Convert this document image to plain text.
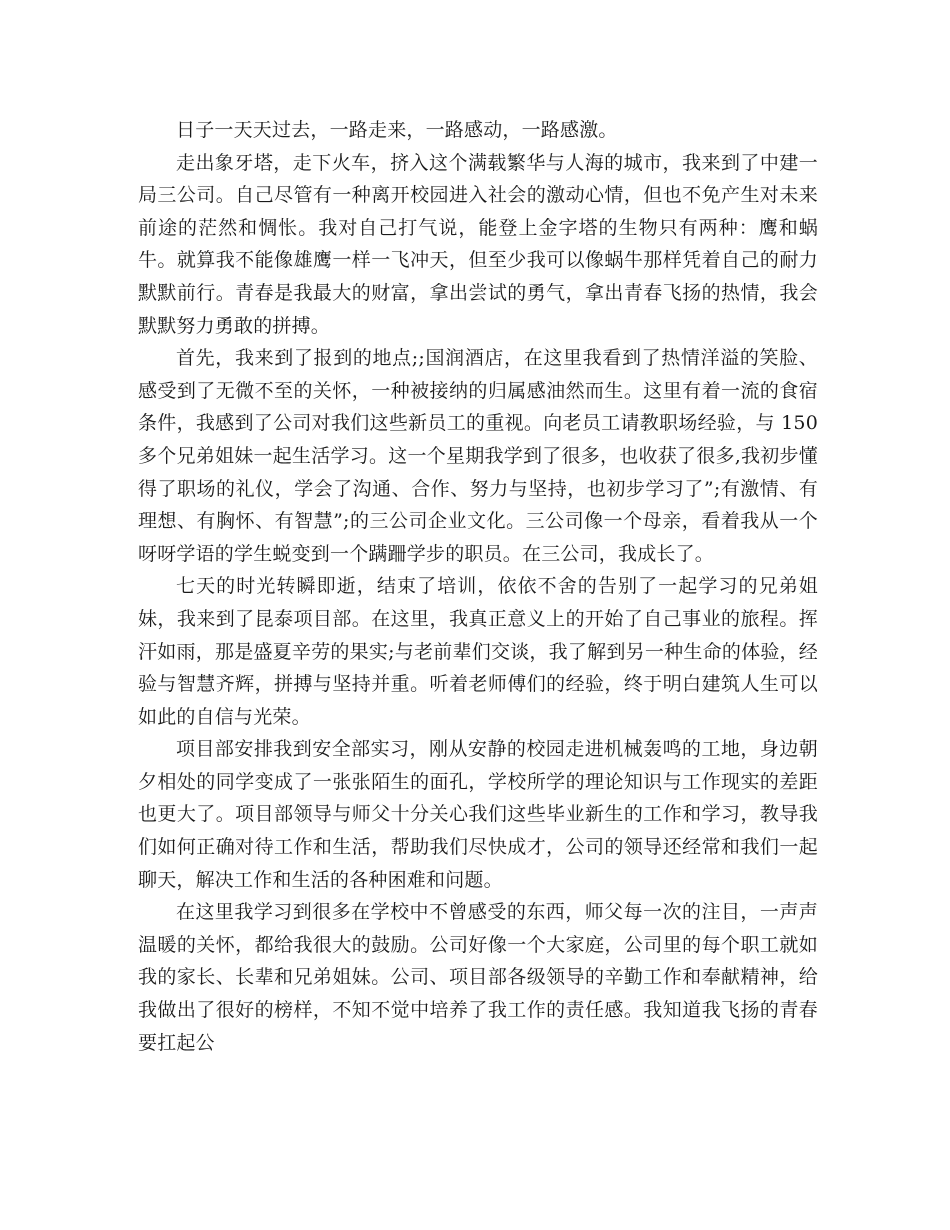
日子一天天过去，一路走来，一路感动，一路感激。

走出象牙塔，走下火车，挤入这个满载繁华与人海的城市，我来到了中建一局三公司。自己尽管有一种离开校园进入社会的激动心情，但也不免产生对未来前途的茫然和惆怅。我对自己打气说，能登上金字塔的生物只有两种：鹰和蜗牛。就算我不能像雄鹰一样一飞冲天，但至少我可以像蜗牛那样凭着自己的耐力默默前行。青春是我最大的财富，拿出尝试的勇气，拿出青春飞扬的热情，我会默默努力勇敢的拼搏。

首先，我来到了报到的地点;;国润酒店，在这里我看到了热情洋溢的笑脸、感受到了无微不至的关怀，一种被接纳的归属感油然而生。这里有着一流的食宿条件，我感到了公司对我们这些新员工的重视。向老员工请教职场经验，与 150 多个兄弟姐妹一起生活学习。这一个星期我学到了很多，也收获了很多,我初步懂得了职场的礼仪，学会了沟通、合作、努力与坚持，也初步学习了”;有激情、有理想、有胸怀、有智慧”;的三公司企业文化。三公司像一个母亲，看着我从一个呀呀学语的学生蜕变到一个蹒跚学步的职员。在三公司，我成长了。

七天的时光转瞬即逝，结束了培训，依依不舍的告别了一起学习的兄弟姐妹，我来到了昆泰项目部。在这里，我真正意义上的开始了自己事业的旅程。挥汗如雨，那是盛夏辛劳的果实;与老前辈们交谈，我了解到另一种生命的体验，经验与智慧齐辉，拼搏与坚持并重。听着老师傅们的经验，终于明白建筑人生可以如此的自信与光荣。

项目部安排我到安全部实习，刚从安静的校园走进机械轰鸣的工地，身边朝夕相处的同学变成了一张张陌生的面孔，学校所学的理论知识与工作现实的差距也更大了。项目部领导与师父十分关心我们这些毕业新生的工作和学习，教导我们如何正确对待工作和生活，帮助我们尽快成才，公司的领导还经常和我们一起聊天，解决工作和生活的各种困难和问题。

在这里我学习到很多在学校中不曾感受的东西，师父每一次的注目，一声声温暖的关怀，都给我很大的鼓励。公司好像一个大家庭，公司里的每个职工就如我的家长、长辈和兄弟姐妹。公司、项目部各级领导的辛勤工作和奉献精神，给我做出了很好的榜样，不知不觉中培养了我工作的责任感。我知道我飞扬的青春要扛起公
